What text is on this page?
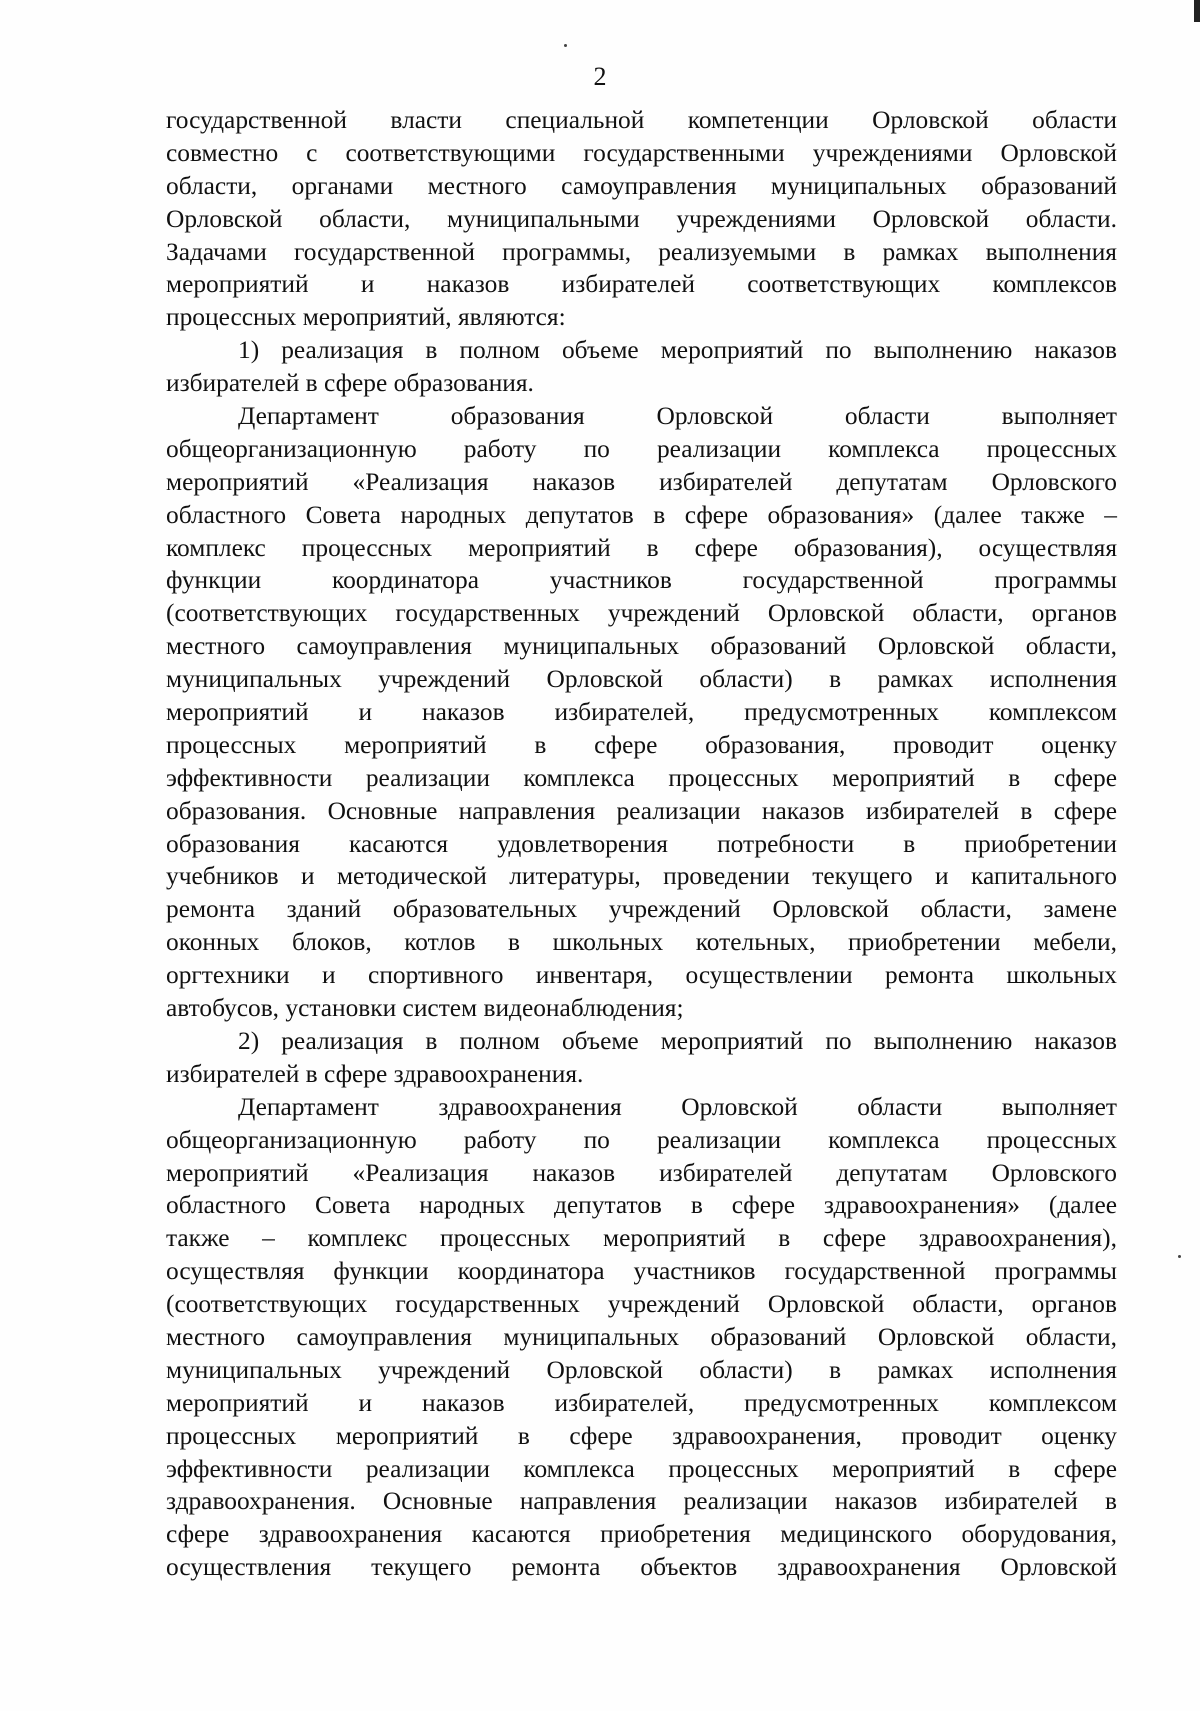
2
государственной власти специальной компетенции Орловской области
совместно с соответствующими государственными учреждениями Орловской
области, органами местного самоуправления муниципальных образований
Орловской области, муниципальными учреждениями Орловской области.
Задачами государственной программы, реализуемыми в рамках выполнения
мероприятий и наказов избирателей соответствующих комплексов
процессных мероприятий, являются:
1) реализация в полном объеме мероприятий по выполнению наказов
избирателей в сфере образования.
Департамент образования Орловской области выполняет
общеорганизационную работу по реализации комплекса процессных
мероприятий «Реализация наказов избирателей депутатам Орловского
областного Совета народных депутатов в сфере образования» (далее также –
комплекс процессных мероприятий в сфере образования), осуществляя
функции координатора участников государственной программы
(соответствующих государственных учреждений Орловской области, органов
местного самоуправления муниципальных образований Орловской области,
муниципальных учреждений Орловской области) в рамках исполнения
мероприятий и наказов избирателей, предусмотренных комплексом
процессных мероприятий в сфере образования, проводит оценку
эффективности реализации комплекса процессных мероприятий в сфере
образования. Основные направления реализации наказов избирателей в сфере
образования касаются удовлетворения потребности в приобретении
учебников и методической литературы, проведении текущего и капитального
ремонта зданий образовательных учреждений Орловской области, замене
оконных блоков, котлов в школьных котельных, приобретении мебели,
оргтехники и спортивного инвентаря, осуществлении ремонта школьных
автобусов, установки систем видеонаблюдения;
2) реализация в полном объеме мероприятий по выполнению наказов
избирателей в сфере здравоохранения.
Департамент здравоохранения Орловской области выполняет
общеорганизационную работу по реализации комплекса процессных
мероприятий «Реализация наказов избирателей депутатам Орловского
областного Совета народных депутатов в сфере здравоохранения» (далее
также – комплекс процессных мероприятий в сфере здравоохранения),
осуществляя функции координатора участников государственной программы
(соответствующих государственных учреждений Орловской области, органов
местного самоуправления муниципальных образований Орловской области,
муниципальных учреждений Орловской области) в рамках исполнения
мероприятий и наказов избирателей, предусмотренных комплексом
процессных мероприятий в сфере здравоохранения, проводит оценку
эффективности реализации комплекса процессных мероприятий в сфере
здравоохранения. Основные направления реализации наказов избирателей в
сфере здравоохранения касаются приобретения медицинского оборудования,
осуществления текущего ремонта объектов здравоохранения Орловской
